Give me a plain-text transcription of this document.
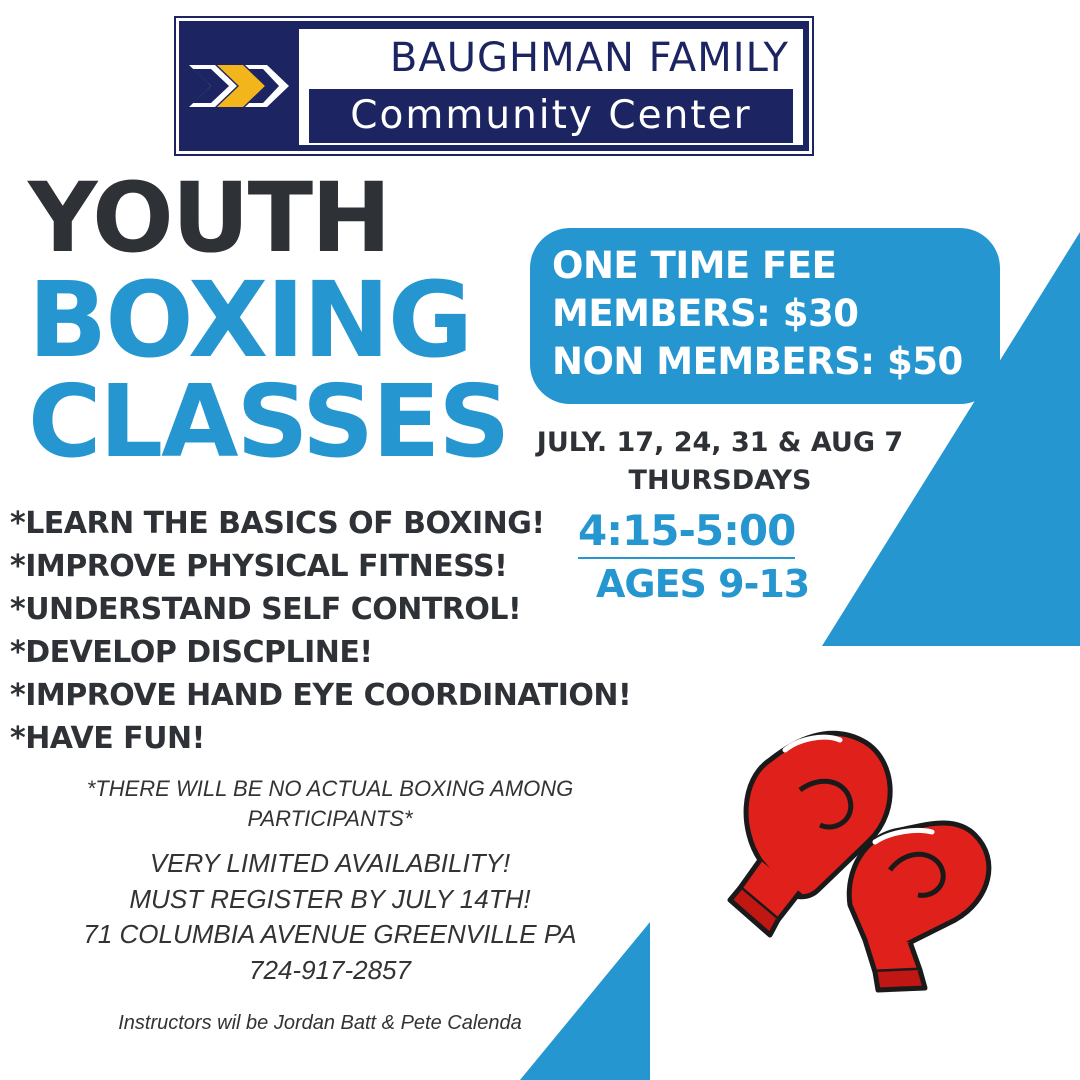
BAUGHMAN FAMILY
Community Center
YOUTH
BOXING
CLASSES
ONE TIME FEE
MEMBERS: $30
NON MEMBERS: $50
JULY. 17, 24, 31 & AUG 7
THURSDAYS
4:15-5:00
AGES 9-13
*LEARN THE BASICS OF BOXING!
*IMPROVE PHYSICAL FITNESS!
*UNDERSTAND SELF CONTROL!
*DEVELOP DISCPLINE!
*IMPROVE HAND EYE COORDINATION!
*HAVE FUN!
*THERE WILL BE NO ACTUAL BOXING AMONG
PARTICIPANTS*
VERY LIMITED AVAILABILITY!
MUST REGISTER BY JULY 14TH!
71 COLUMBIA AVENUE GREENVILLE PA
724-917-2857
Instructors wil be Jordan Batt & Pete Calenda
